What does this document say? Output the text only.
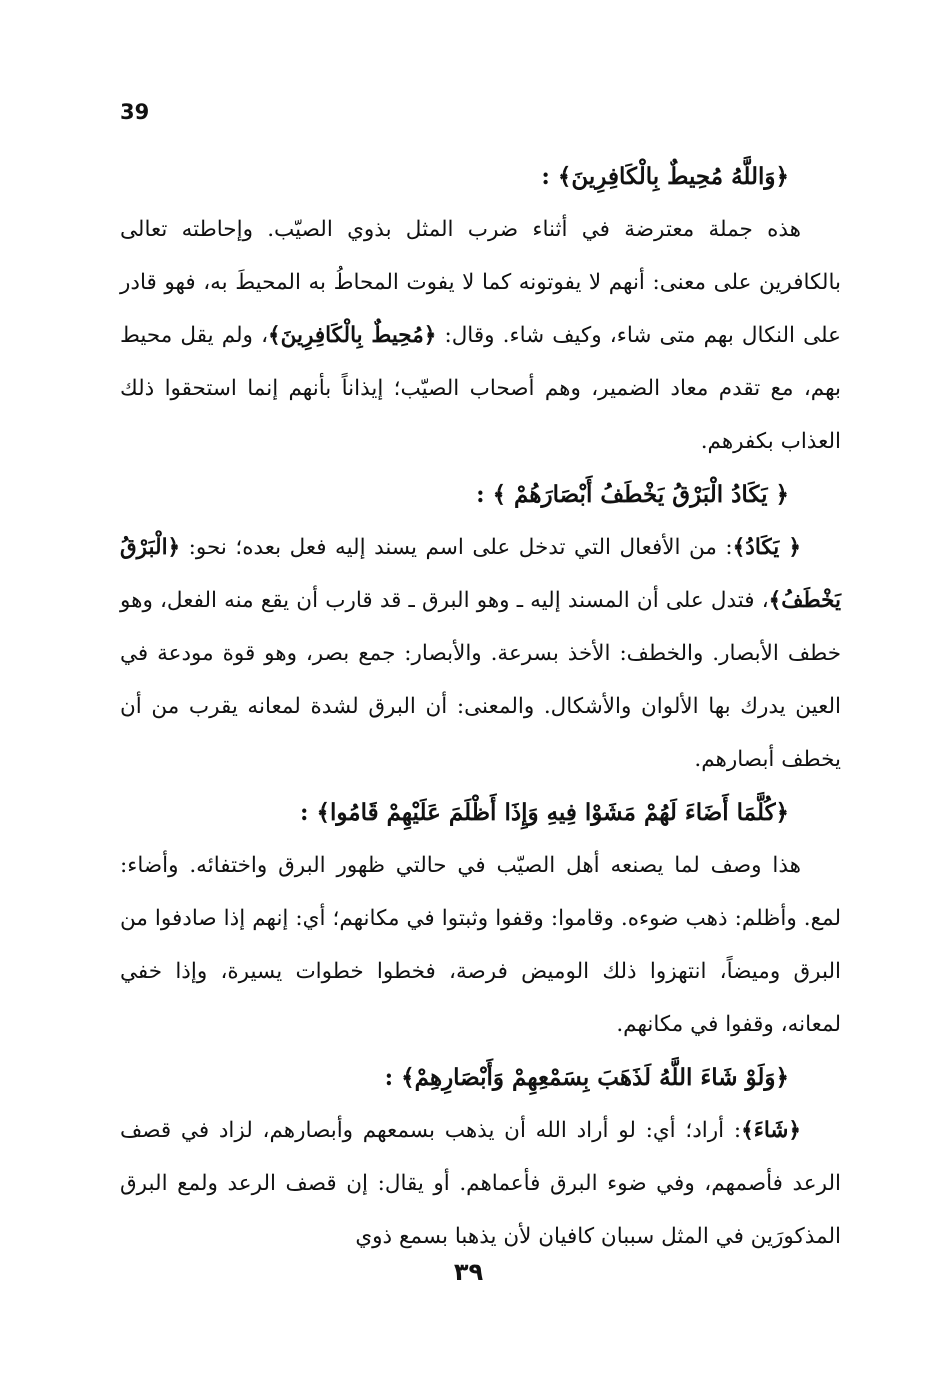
39

﴿وَاللَّهُ مُحِيطٌ بِالْكَافِرِينَ﴾ :

هذه جملة معترضة في أثناء ضرب المثل بذوي الصيّب. وإحاطته تعالى بالكافرين على معنى: أنهم لا يفوتونه كما لا يفوت المحاطُ به المحيطَ به، فهو قادر على النكال بهم متى شاء، وكيف شاء. وقال: ﴿مُحِيطٌ بِالْكَافِرِينَ﴾، ولم يقل محيط بهم، مع تقدم معاد الضمير، وهم أصحاب الصيّب؛ إيذاناً بأنهم إنما استحقوا ذلك العذاب بكفرهم.

﴿ يَكَادُ الْبَرْقُ يَخْطَفُ أَبْصَارَهُمْ ﴾ :

﴿ يَكَادُ﴾: من الأفعال التي تدخل على اسم يسند إليه فعل بعده؛ نحو: ﴿الْبَرْقُ يَخْطَفُ﴾، فتدل على أن المسند إليه ـ وهو البرق ـ قد قارب أن يقع منه الفعل، وهو خطف الأبصار. والخطف: الأخذ بسرعة. والأبصار: جمع بصر، وهو قوة مودعة في العين يدرك بها الألوان والأشكال. والمعنى: أن البرق لشدة لمعانه يقرب من أن يخطف أبصارهم.

﴿كُلَّمَا أَضَاءَ لَهُمْ مَشَوْا فِيهِ وَإِذَا أَظْلَمَ عَلَيْهِمْ قَامُوا﴾ :

هذا وصف لما يصنعه أهل الصيّب في حالتي ظهور البرق واختفائه. وأضاء: لمع. وأظلم: ذهب ضوءه. وقاموا: وقفوا وثبتوا في مكانهم؛ أي: إنهم إذا صادفوا من البرق وميضاً، انتهزوا ذلك الوميض فرصة، فخطوا خطوات يسيرة، وإذا خفي لمعانه، وقفوا في مكانهم.

﴿وَلَوْ شَاءَ اللَّهُ لَذَهَبَ بِسَمْعِهِمْ وَأَبْصَارِهِمْ﴾ :

﴿شَاءَ﴾: أراد؛ أي: لو أراد الله أن يذهب بسمعهم وأبصارهم، لزاد في قصف الرعد فأصمهم، وفي ضوء البرق فأعماهم. أو يقال: إن قصف الرعد ولمع البرق المذكورَين في المثل سببان كافيان لأن يذهبا بسمع ذوي

٣٩
